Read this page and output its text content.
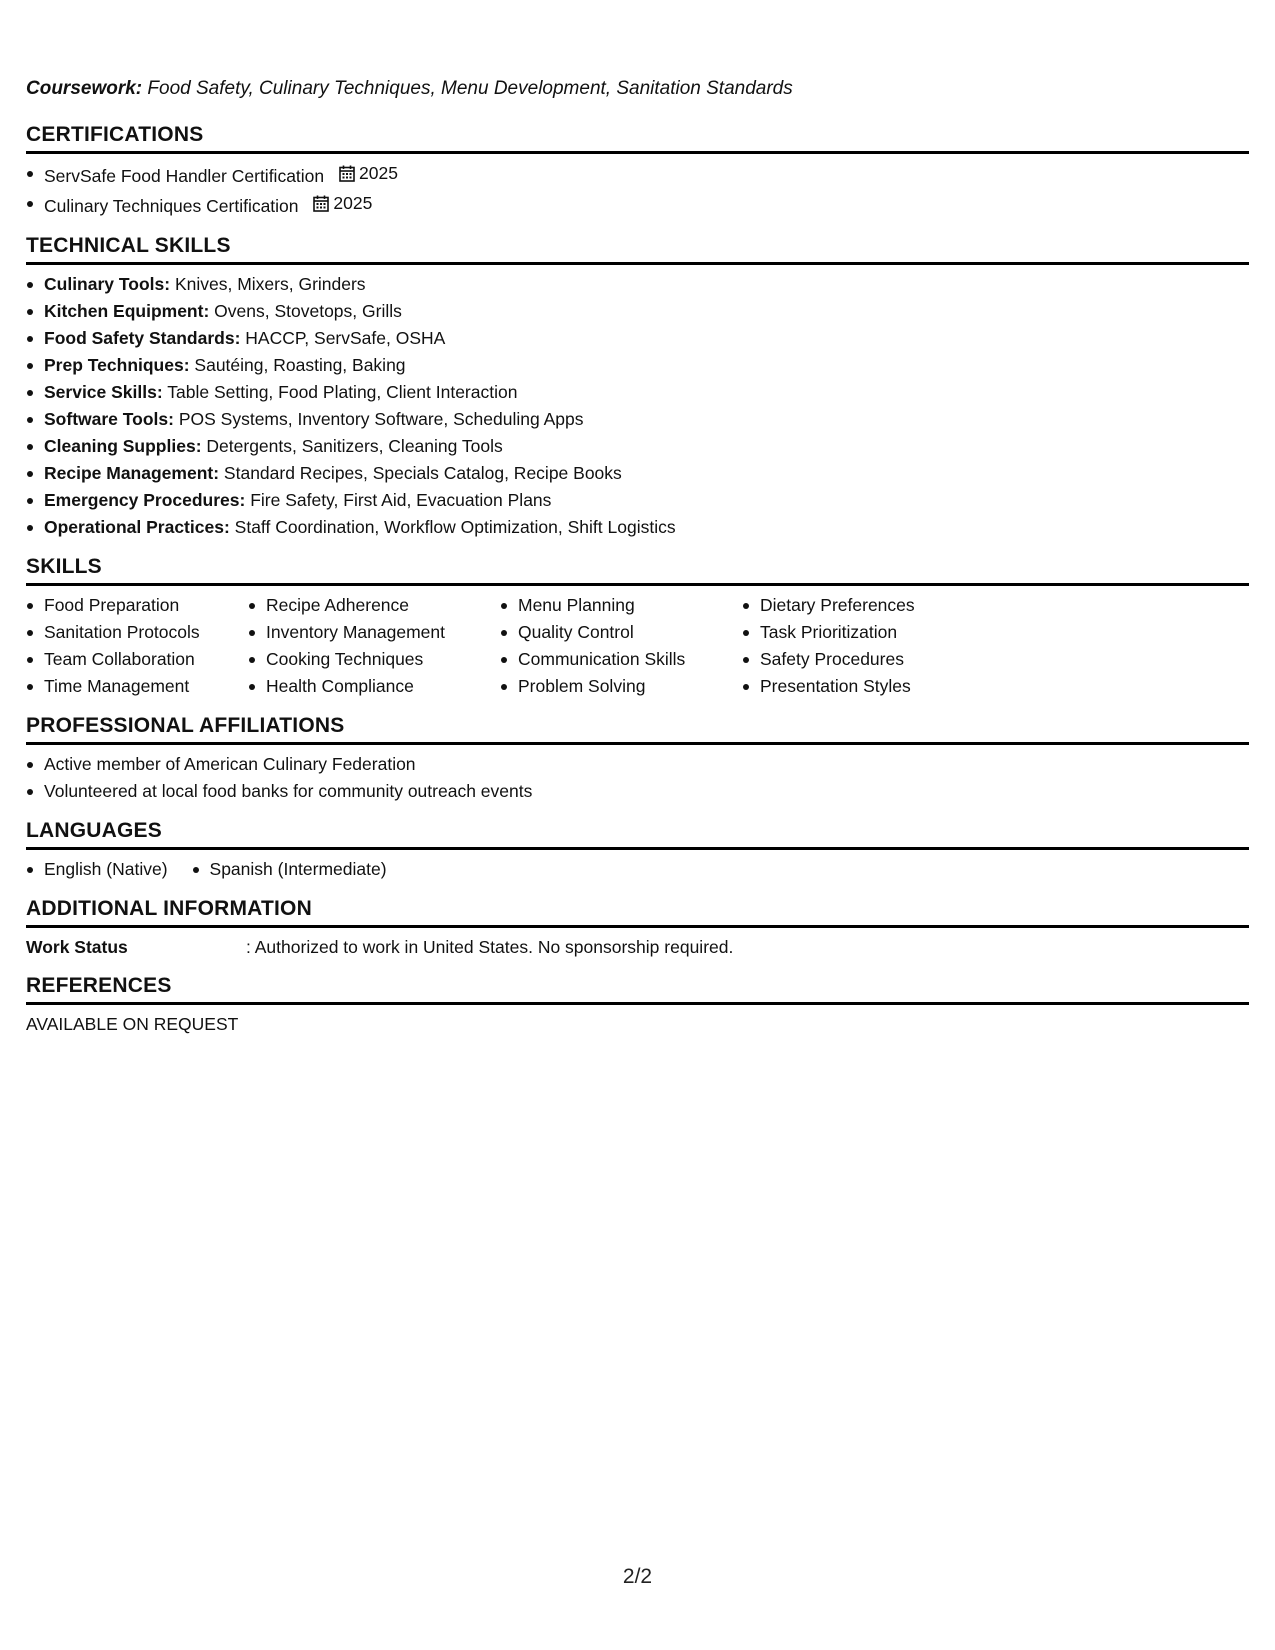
Coursework: Food Safety, Culinary Techniques, Menu Development, Sanitation Standards

CERTIFICATIONS
ServSafe Food Handler Certification 2025
Culinary Techniques Certification 2025
TECHNICAL SKILLS
Culinary Tools: Knives, Mixers, Grinders
Kitchen Equipment: Ovens, Stovetops, Grills
Food Safety Standards: HACCP, ServSafe, OSHA
Prep Techniques: Sautéing, Roasting, Baking
Service Skills: Table Setting, Food Plating, Client Interaction
Software Tools: POS Systems, Inventory Software, Scheduling Apps
Cleaning Supplies: Detergents, Sanitizers, Cleaning Tools
Recipe Management: Standard Recipes, Specials Catalog, Recipe Books
Emergency Procedures: Fire Safety, First Aid, Evacuation Plans
Operational Practices: Staff Coordination, Workflow Optimization, Shift Logistics
SKILLS
Food Preparation
Sanitation Protocols
Team Collaboration
Time Management
Recipe Adherence
Inventory Management
Cooking Techniques
Health Compliance
Menu Planning
Quality Control
Communication Skills
Problem Solving
Dietary Preferences
Task Prioritization
Safety Procedures
Presentation Styles
PROFESSIONAL AFFILIATIONS
Active member of American Culinary Federation
Volunteered at local food banks for community outreach events
LANGUAGES
English (Native) Spanish (Intermediate)
ADDITIONAL INFORMATION
Work Status	: Authorized to work in United States. No sponsorship required.
REFERENCES
AVAILABLE ON REQUEST
2/2
